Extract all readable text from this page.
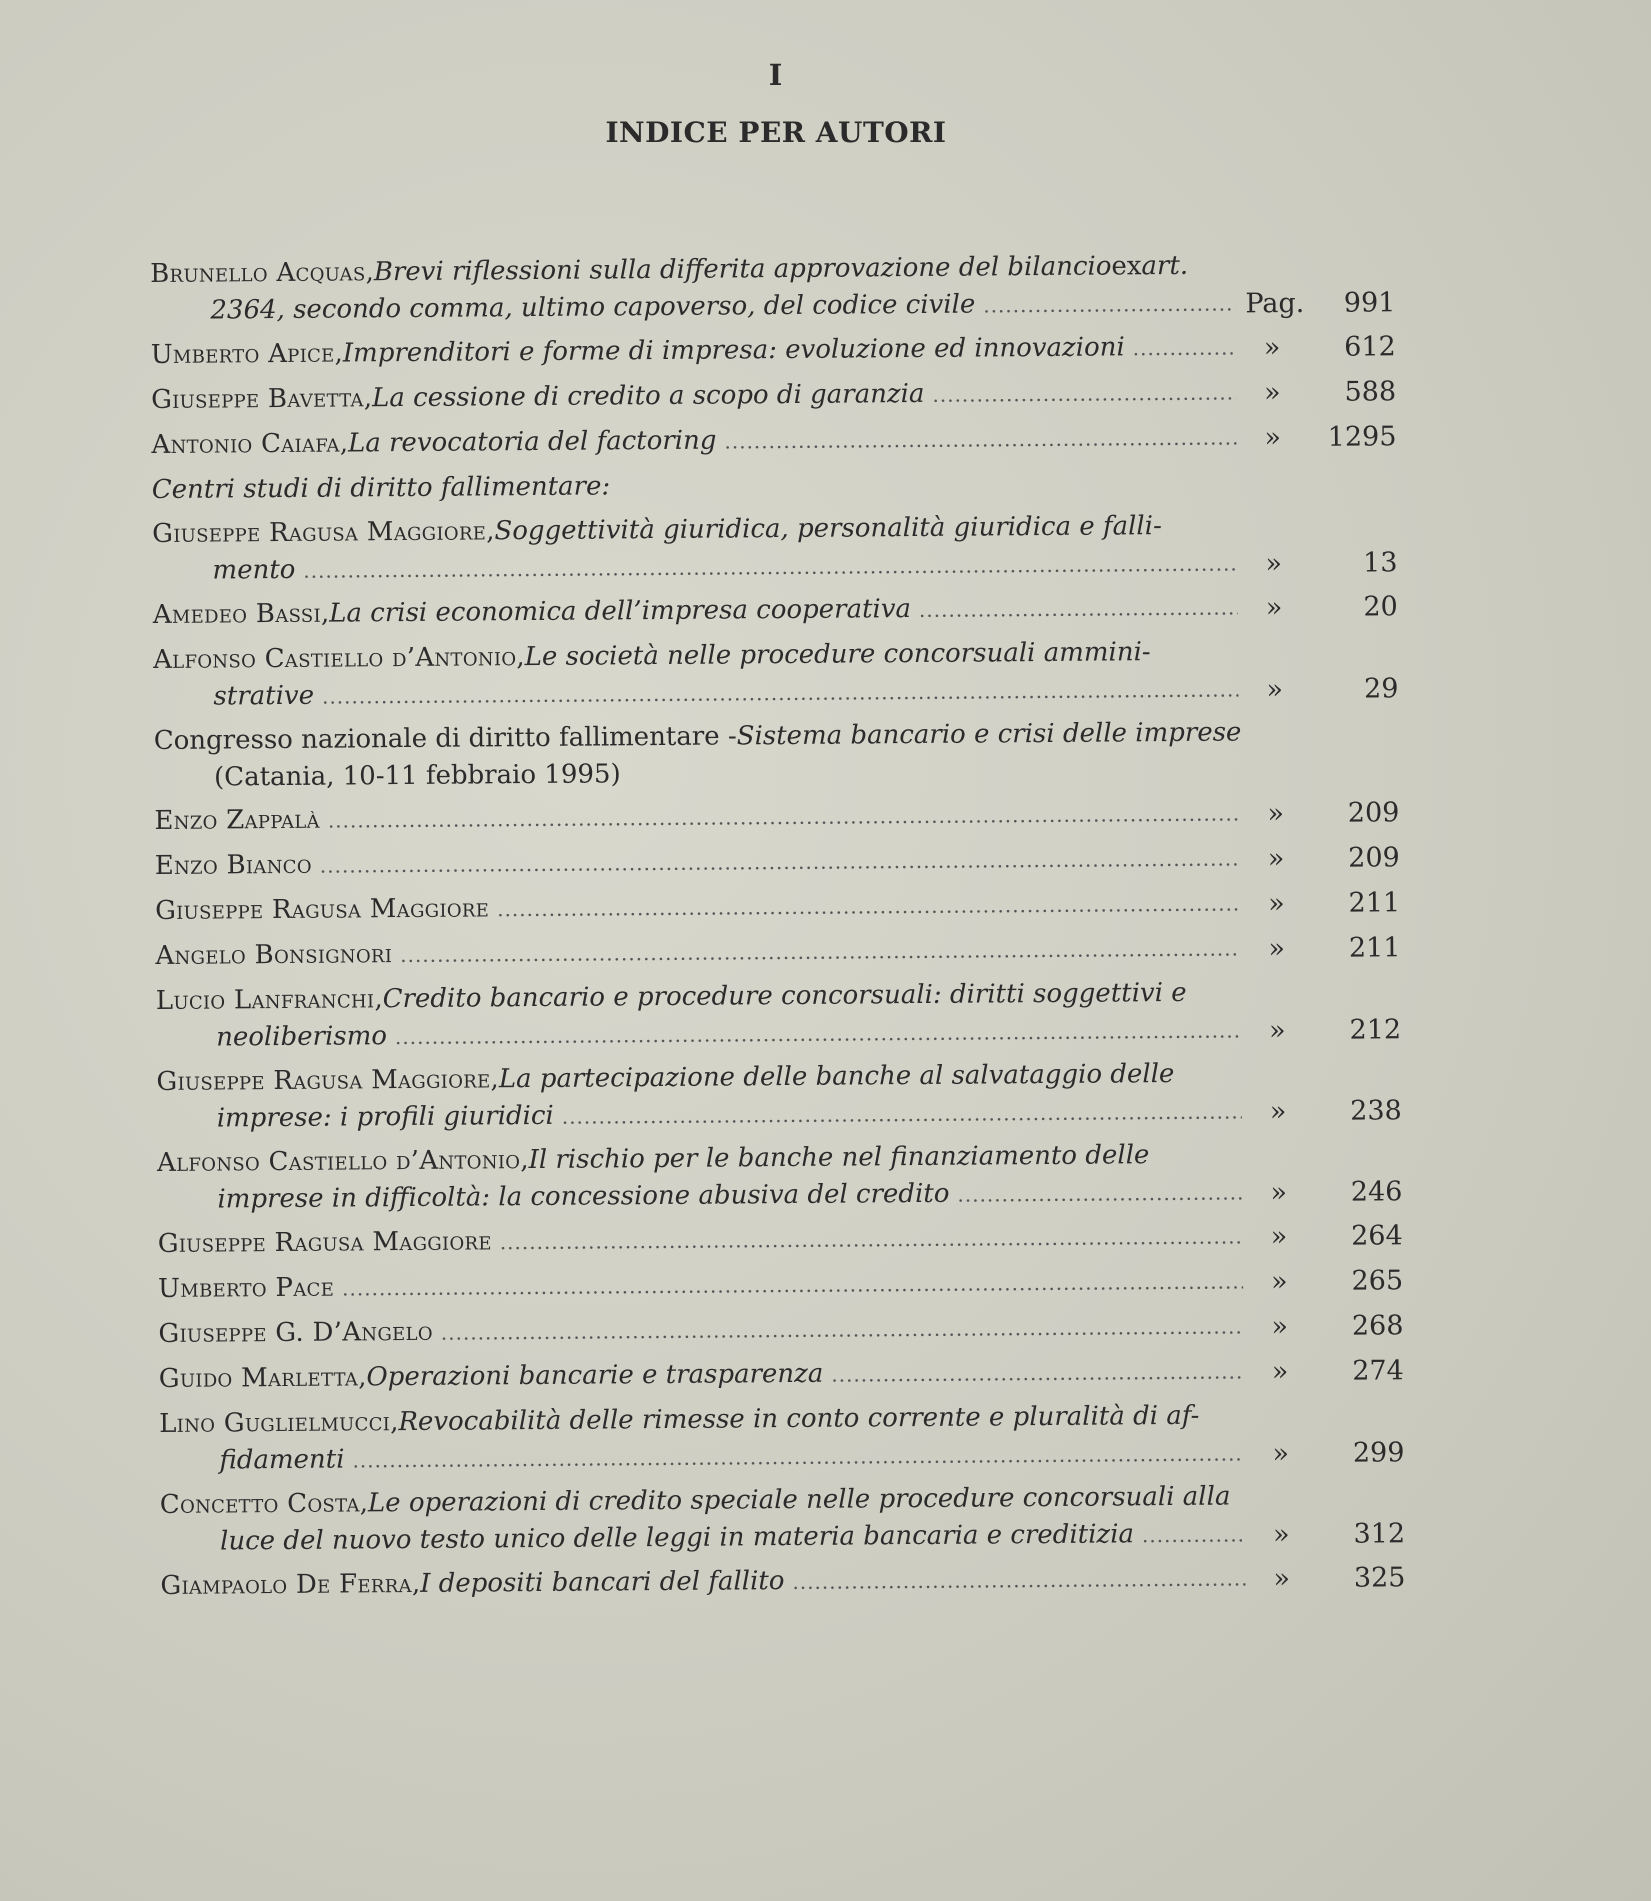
I
INDICE PER AUTORI
Brunello Acquas , Brevi riflessioni sulla differita approvazione del bilancio ex art.
2364, secondo comma, ultimo capoverso, del codice civile .....	Pag. 991
Umberto Apice , Imprenditori e forme di impresa: evoluzione ed innovazioni .....	» 612
Giuseppe Bavetta , La cessione di credito a scopo di garanzia .....	» 588
Antonio Caiafa , La revocatoria del factoring .....	» 1295
Centri studi di diritto fallimentare:
Giuseppe Ragusa Maggiore , Soggettività giuridica, personalità giuridica e falli-
mento .....	»	13
Amedeo Bassi , La crisi economica dell’impresa cooperativa .....	»	20
Alfonso Castiello d’Antonio , Le società nelle procedure concorsuali ammini-
strative .....	»	29
Congresso nazionale di diritto fallimentare - Sistema bancario e crisi delle imprese
(Catania, 10-11 febbraio 1995)
Enzo Zappalà .....	» 209
Enzo Bianco .....	» 209
Giuseppe Ragusa Maggiore .....	» 211
Angelo Bonsignori .....	» 211
Lucio Lanfranchi , Credito bancario e procedure concorsuali: diritti soggettivi e
neoliberismo .....	» 212
Giuseppe Ragusa Maggiore , La partecipazione delle banche al salvataggio delle
imprese: i profili giuridici .....	» 238
Alfonso Castiello d’Antonio , Il rischio per le banche nel finanziamento delle
imprese in difficoltà: la concessione abusiva del credito .....	» 246
Giuseppe Ragusa Maggiore .....	» 264
Umberto Pace .....	» 265
Giuseppe G. D’Angelo .....	» 268
Guido Marletta , Operazioni bancarie e trasparenza .....	» 274
Lino Guglielmucci , Revocabilità delle rimesse in conto corrente e pluralità di af-
fidamenti .....	» 299
Concetto Costa , Le operazioni di credito speciale nelle procedure concorsuali alla
luce del nuovo testo unico delle leggi in materia bancaria e creditizia .....	» 312
Giampaolo De Ferra , I depositi bancari del fallito .....	» 325
